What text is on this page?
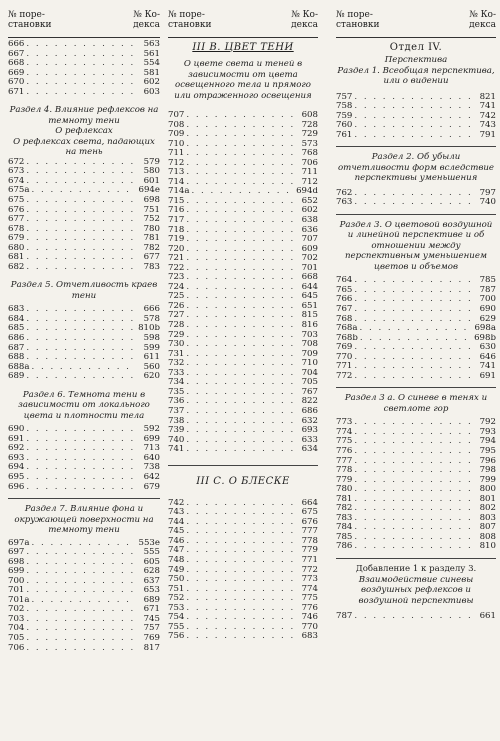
№ поре-
становки
№ Ко-
декса
666 . . .	563
667 . . .	561
668 . . .	554
669 . . .	581
670 . . .	602
671 . . .	603

Раздел 4. Влияние рефлексов на темноту тени

О рефлексах

О рефлексах света, падающих на тень

672 . . .	579
673 . . .	580
674 . . .	601
675a . . .	694e
675 . . .	698
676 . . .	751
677 . . .	752
678 . . .	780
679 . . .	781
680 . . .	782
681 . . .	677
682 . . .	783

Раздел 5. Отчетливость краев тени

683 . . .	666
684 . . .	578
685 . . .	810b
686 . . .	598
687 . . .	599
688 . . .	611
688a . . .	560
689 . . .	620

Раздел 6. Темнота тени в зависимости от локального цвета и плотности тела

690 . . .	592
691 . . .	699
692 . . .	713
693 . . .	640
694 . . .	738
695 . . .	642
696 . . .	679

Раздел 7. Влияние фона и окружающей поверхности на темноту тени

697a . . .	553e
697 . . .	555
698 . . .	605
699 . . .	628
700 . . .	637
701 . . .	653
701a . . .	689
702 . . .	671
703 . . .	745
704 . . .	757
705 . . .	769
706 . . .	817
№ поре-
становки
№ Ко-
декса

III В. ЦВЕТ ТЕНИ

О цвете света и теней в зависимости от цвета освещенного тела и прямого или отраженного освещения

707 . . .	608
708 . . .	728
709 . . .	729
710 . . .	573
711 . . .	768
712 . . .	706
713 . . .	711
714 . . .	712
714a . . .	694d
715 . . .	652
716 . . .	602
717 . . .	638
718 . . .	636
719 . . .	707
720 . . .	609
721 . . .	702
722 . . .	701
723 . . .	668
724 . . .	644
725 . . .	645
726 . . .	651
727 . . .	815
728 . . .	816
729 . . .	703
730 . . .	708
731 . . .	709
732 . . .	710
733 . . .	704
734 . . .	705
735 . . .	767
736 . . .	822
737 . . .	686
738 . . .	632
739 . . .	693
740 . . .	633
741 . . .	634

III С. О БЛЕСКЕ

742 . . .	664
743 . . .	675
744 . . .	676
745 . . .	777
746 . . .	778
747 . . .	779
748 . . .	771
749 . . .	772
750 . . .	773
751 . . .	774
752 . . .	775
753 . . .	776
754 . . .	746
755 . . .	770
756 . . .	683
№ поре-
становки
№ Ко-
декса

Отдел IV.

Перспектива

Раздел 1. Всеобщая перспектива, или о видении

757 . . .	821
758 . . .	741
759 . . .	742
760 . . .	743
761 . . .	791

Раздел 2. Об убыли отчетливости форм вследствие перспективы уменьшения

762 . . .	797
763 . . .	740

Раздел 3. О цветовой воздушной и линейной перспективе и об отношении между перспективным уменьшением цветов и объемов

764 . . .	785
765 . . .	787
766 . . .	700
767 . . .	690
768 . . .	629
768a . . .	698a
768b . . .	698b
769 . . .	630
770 . . .	646
771 . . .	741
772 . . .	691

Раздел 3 а. О синеве в тенях и светлоте гор

773 . . .	792
774 . . .	793
775 . . .	794
776 . . .	795
777 . . .	796
778 . . .	798
779 . . .	799
780 . . .	800
781 . . .	801
782 . . .	802
783 . . .	803
784 . . .	807
785 . . .	808
786 . . .	810

Добавление 1 к разделу 3.

Взаимодействие синевы воздушных рефлексов и воздушной перспективы

787 . . .	661
